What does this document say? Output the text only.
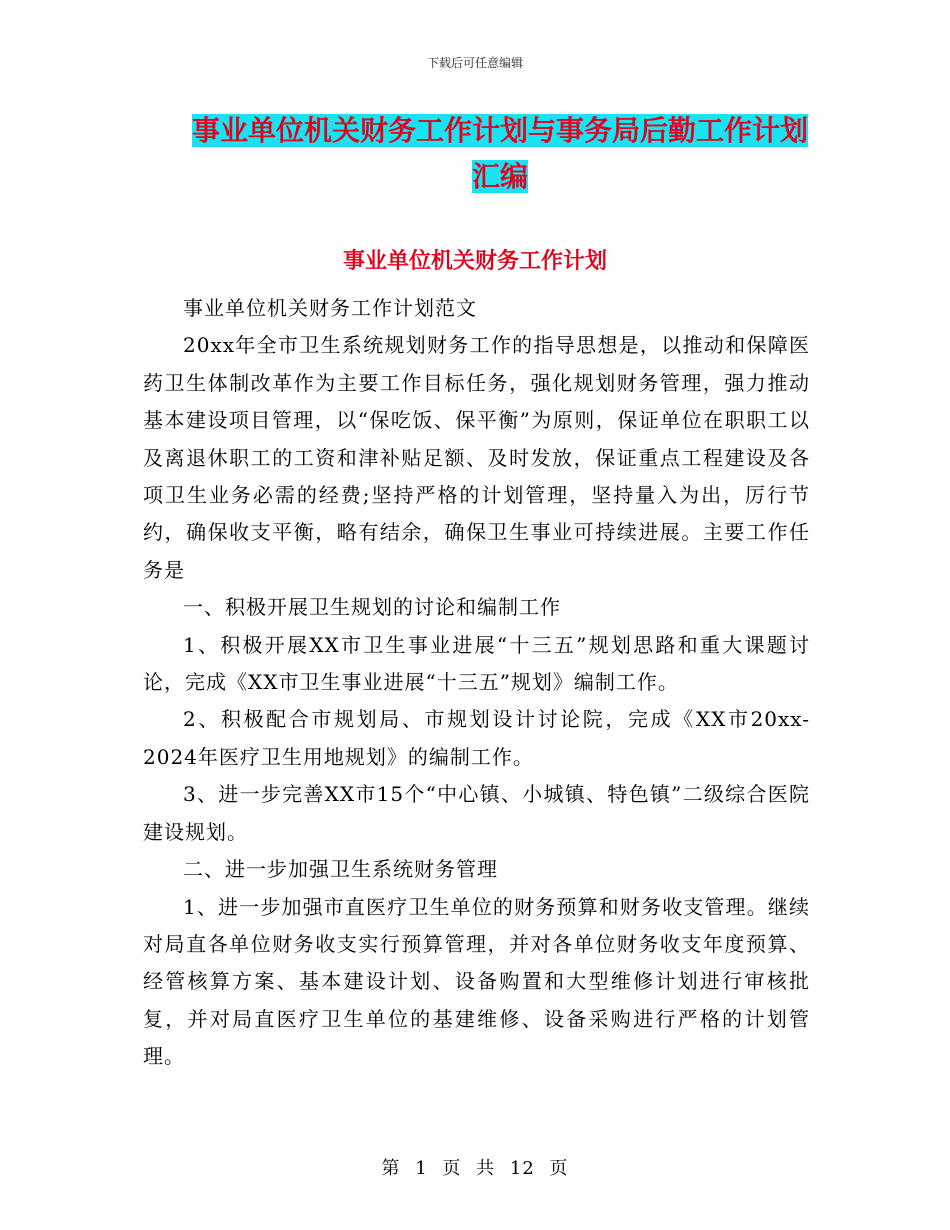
下载后可任意编辑
事业单位机关财务工作计划与事务局后勤工作计划汇编
事业单位机关财务工作计划

事业单位机关财务工作计划范文

20xx年全市卫生系统规划财务工作的指导思想是，以推动和保障医药卫生体制改革作为主要工作目标任务，强化规划财务管理，强力推动基本建设项目管理，以“保吃饭、保平衡”为原则，保证单位在职职工以及离退休职工的工资和津补贴足额、及时发放，保证重点工程建设及各项卫生业务必需的经费;坚持严格的计划管理，坚持量入为出，厉行节约，确保收支平衡，略有结余，确保卫生事业可持续进展。主要工作任务是

一、积极开展卫生规划的讨论和编制工作

1、积极开展XX市卫生事业进展“十三五”规划思路和重大课题讨论，完成《XX市卫生事业进展“十三五”规划》编制工作。

2、积极配合市规划局、市规划设计讨论院，完成《XX市20xx-2024年医疗卫生用地规划》的编制工作。

3、进一步完善XX市15个“中心镇、小城镇、特色镇”二级综合医院建设规划。

二、进一步加强卫生系统财务管理

1、进一步加强市直医疗卫生单位的财务预算和财务收支管理。继续对局直各单位财务收支实行预算管理，并对各单位财务收支年度预算、经管核算方案、基本建设计划、设备购置和大型维修计划进行审核批复，并对局直医疗卫生单位的基建维修、设备采购进行严格的计划管理。

第 1 页 共 12 页
